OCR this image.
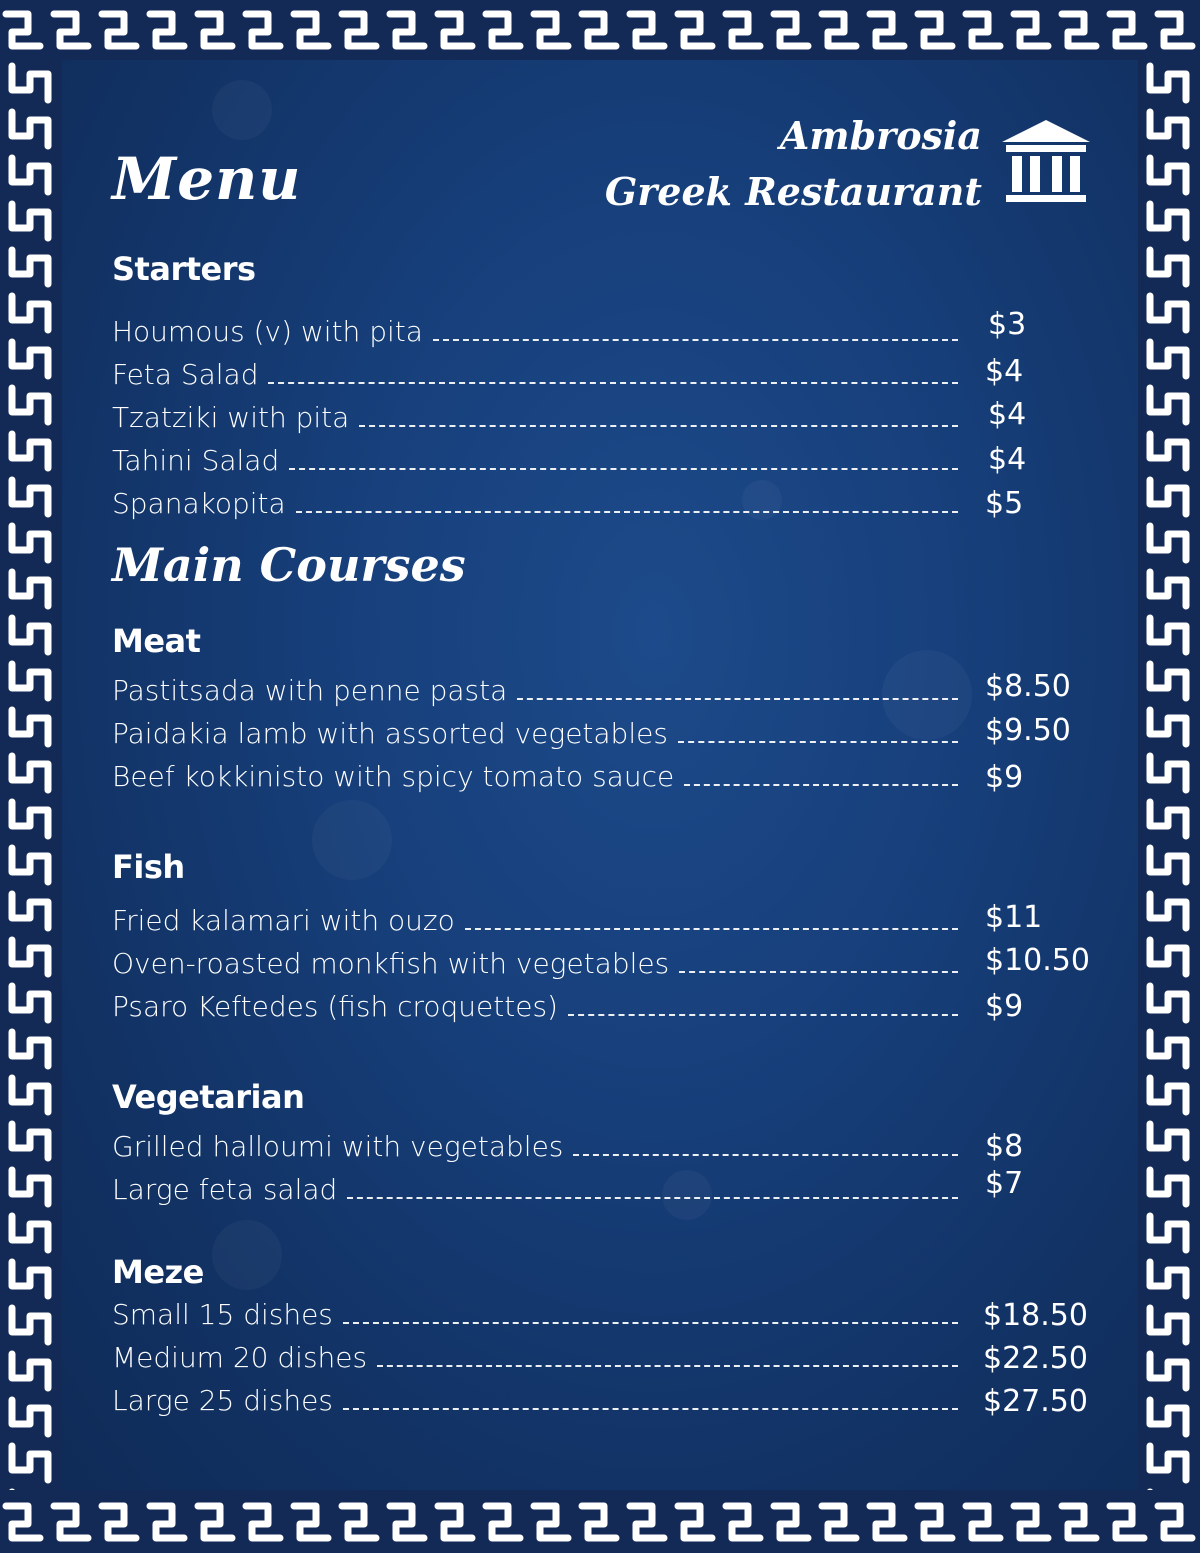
Menu
Ambrosia
Greek Restaurant
Starters
Houmous (v) with pita	$3
Feta Salad	$4
Tzatziki with pita	$4
Tahini Salad	$4
Spanakopita	$5
Main Courses
Meat
Pastitsada with penne pasta	$8.50
Paidakia lamb with assorted vegetables	$9.50
Beef kokkinisto with spicy tomato sauce	$9
Fish
Fried kalamari with ouzo	$11
Oven-roasted monkfish with vegetables	$10.50
Psaro Keftedes (fish croquettes)	$9
Vegetarian
Grilled halloumi with vegetables	$8
Large feta salad	$7
Meze
Small 15 dishes	$18.50
Medium 20 dishes	$22.50
Large 25 dishes	$27.50
